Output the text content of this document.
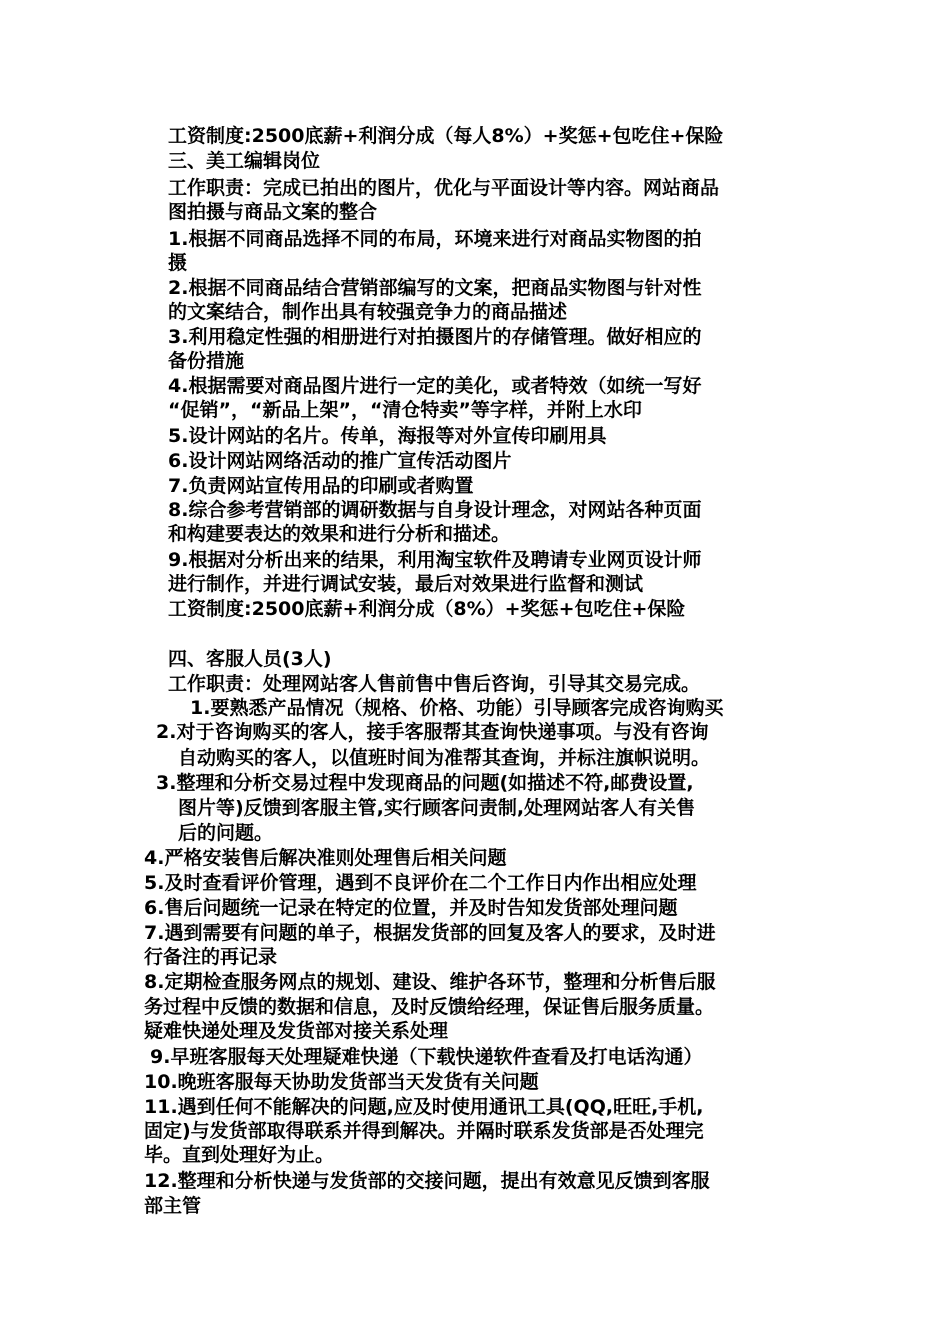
工资制度:2500底薪+利润分成（每人8%）+奖惩+包吃住+保险
三、美工编辑岗位
工作职责：完成已拍出的图片，优化与平面设计等内容。网站商品
图拍摄与商品文案的整合
1.根据不同商品选择不同的布局，环境来进行对商品实物图的拍
摄
2.根据不同商品结合营销部编写的文案，把商品实物图与针对性
的文案结合，制作出具有较强竞争力的商品描述
3.利用稳定性强的相册进行对拍摄图片的存储管理。做好相应的
备份措施
4.根据需要对商品图片进行一定的美化，或者特效（如统一写好
“促销”，“新品上架”，“清仓特卖”等字样，并附上水印
5.设计网站的名片。传单，海报等对外宣传印刷用具
6.设计网站网络活动的推广宣传活动图片
7.负责网站宣传用品的印刷或者购置
8.综合参考营销部的调研数据与自身设计理念，对网站各种页面
和构建要表达的效果和进行分析和描述。
9.根据对分析出来的结果，利用淘宝软件及聘请专业网页设计师
进行制作，并进行调试安装，最后对效果进行监督和测试
工资制度:2500底薪+利润分成（8%）+奖惩+包吃住+保险
四、客服人员(3人)
工作职责：处理网站客人售前售中售后咨询，引导其交易完成。
1.要熟悉产品情况（规格、价格、功能）引导顾客完成咨询购买
2.对于咨询购买的客人，接手客服帮其查询快递事项。与没有咨询
自动购买的客人，以值班时间为准帮其查询，并标注旗帜说明。
3.整理和分析交易过程中发现商品的问题(如描述不符,邮费设置,
图片等)反馈到客服主管,实行顾客问责制,处理网站客人有关售
后的问题。
4.严格安装售后解决准则处理售后相关问题
5.及时查看评价管理，遇到不良评价在二个工作日内作出相应处理
6.售后问题统一记录在特定的位置，并及时告知发货部处理问题
7.遇到需要有问题的单子，根据发货部的回复及客人的要求，及时进
行备注的再记录
8.定期检查服务网点的规划、建设、维护各环节，整理和分析售后服
务过程中反馈的数据和信息，及时反馈给经理，保证售后服务质量。
疑难快递处理及发货部对接关系处理
9.早班客服每天处理疑难快递（下载快递软件查看及打电话沟通）
10.晚班客服每天协助发货部当天发货有关问题
11.遇到任何不能解决的问题,应及时使用通讯工具(QQ,旺旺,手机,
固定)与发货部取得联系并得到解决。并隔时联系发货部是否处理完
毕。直到处理好为止。
12.整理和分析快递与发货部的交接问题，提出有效意见反馈到客服
部主管
